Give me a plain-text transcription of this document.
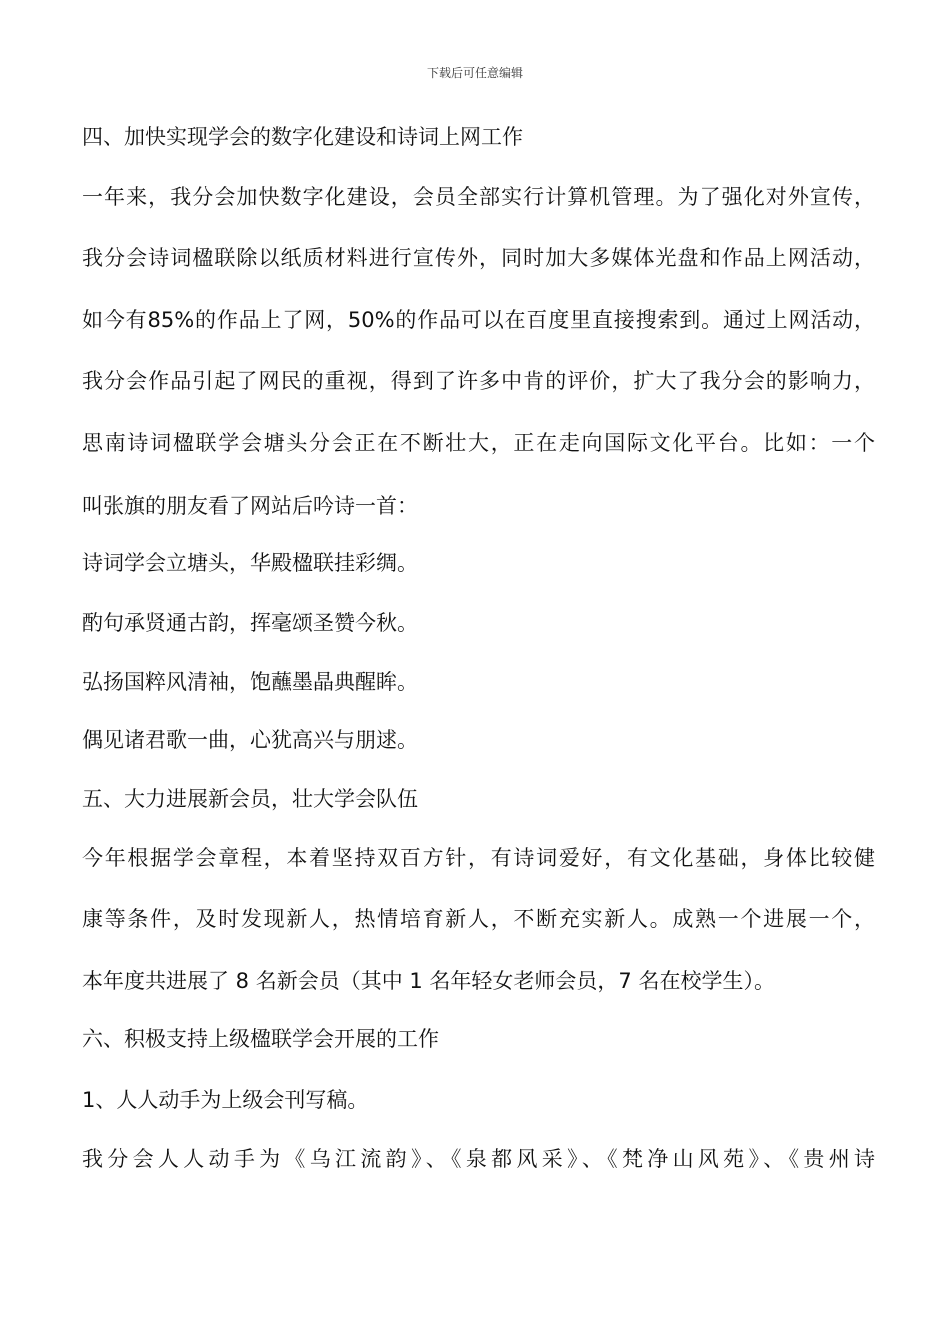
下载后可任意编辑
四、加快实现学会的数字化建设和诗词上网工作
一年来，我分会加快数字化建设，会员全部实行计算机管理。为了强化对外宣传，
我分会诗词楹联除以纸质材料进行宣传外，同时加大多媒体光盘和作品上网活动，
如今有85%的作品上了网，50%的作品可以在百度里直接搜索到。通过上网活动，
我分会作品引起了网民的重视，得到了许多中肯的评价，扩大了我分会的影响力，
思南诗词楹联学会塘头分会正在不断壮大，正在走向国际文化平台。比如：一个
叫张旗的朋友看了网站后吟诗一首：
诗词学会立塘头，华殿楹联挂彩绸。
酌句承贤通古韵，挥毫颂圣赞今秋。
弘扬国粹风清袖，饱蘸墨晶典醒眸。
偶见诸君歌一曲，心犹高兴与朋逑。
五、大力进展新会员，壮大学会队伍
今年根据学会章程，本着坚持双百方针，有诗词爱好，有文化基础，身体比较健
康等条件，及时发现新人，热情培育新人，不断充实新人。成熟一个进展一个，
本年度共进展了 8 名新会员（其中 1 名年轻女老师会员，7 名在校学生）。
六、积极支持上级楹联学会开展的工作
1、人人动手为上级会刊写稿。
我分会人人动手为《乌江流韵》、《泉都风采》、《梵净山风苑》、《贵州诗
